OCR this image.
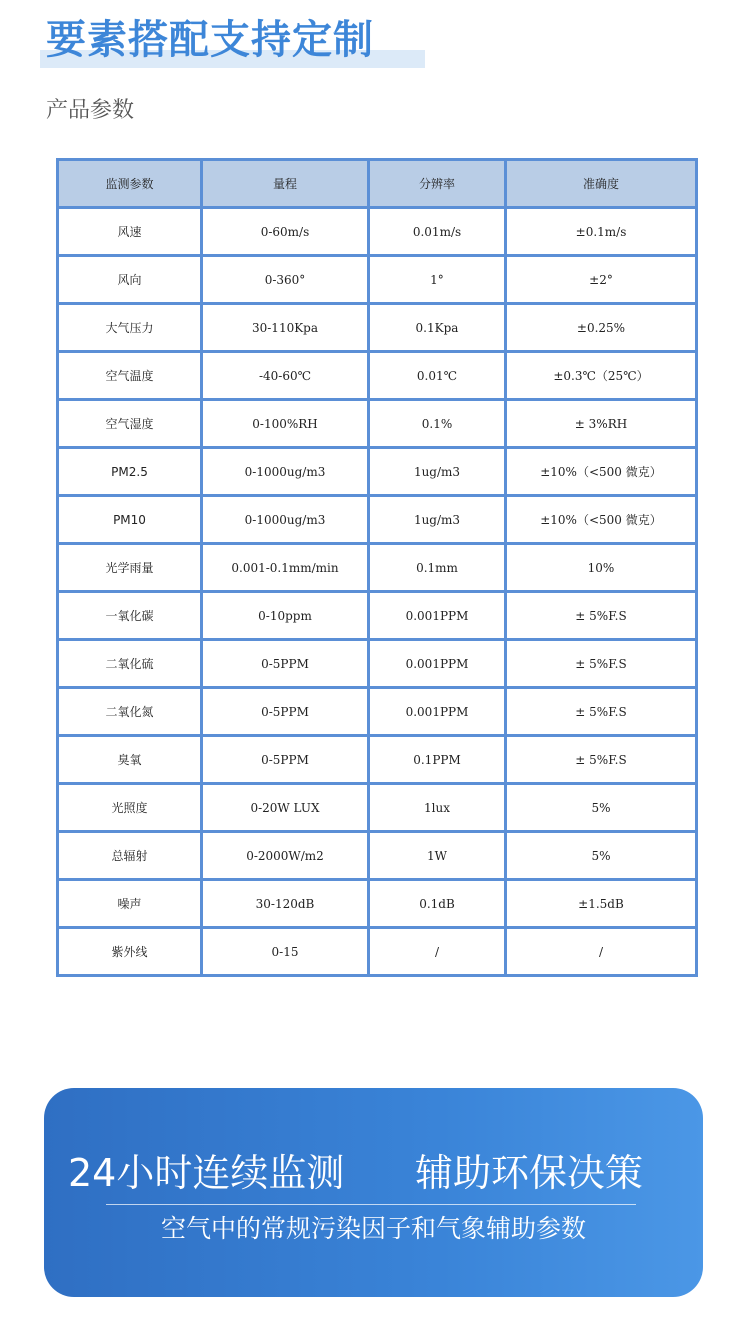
要素搭配支持定制
产品参数
监测参数	量程	分辨率	准确度
风速	0-60m/s	0.01m/s	±0.1m/s
风向	0-360°	1°	±2°
大气压力	30-110Kpa	0.1Kpa	±0.25%
空气温度	-40-60℃	0.01℃	±0.3℃（25℃）
空气湿度	0-100%RH	0.1%	± 3%RH
PM2.5	0-1000ug/m3	1ug/m3	±10%（<500 微克）
PM10	0-1000ug/m3	1ug/m3	±10%（<500 微克）
光学雨量	0.001-0.1mm/min	0.1mm	10%
一氧化碳	0-10ppm	0.001PPM	± 5%F.S
二氧化硫	0-5PPM	0.001PPM	± 5%F.S
二氧化氮	0-5PPM	0.001PPM	± 5%F.S
臭氧	0-5PPM	0.1PPM	± 5%F.S
光照度	0-20W LUX	1lux	5%
总辐射	0-2000W/m2	1W	5%
噪声	30-120dB	0.1dB	±1.5dB
紫外线	0-15	/	/
24小时连续监测 辅助环保决策
空气中的常规污染因子和气象辅助参数
